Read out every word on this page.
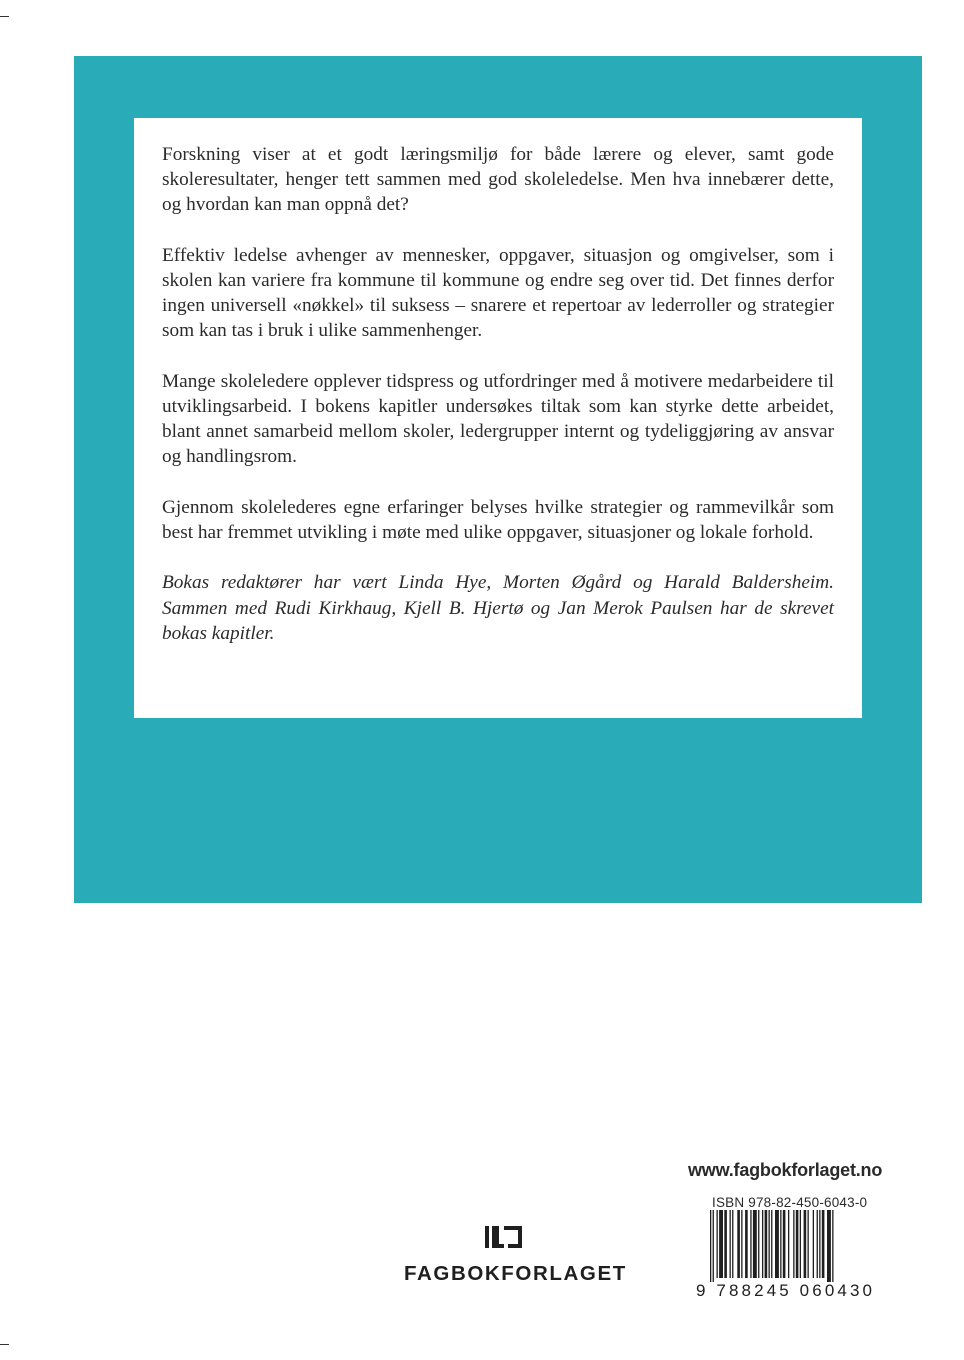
Forskning viser at et godt læringsmiljø for både lærere og elever, samt gode skoleresultater, henger tett sammen med god skoleledelse. Men hva innebærer dette, og hvordan kan man oppnå det?

Effektiv ledelse avhenger av mennesker, oppgaver, situasjon og omgivelser, som i skolen kan variere fra kommune til kommune og endre seg over tid. Det finnes derfor ingen universell «nøkkel» til suksess – snarere et repertoar av lederroller og strategier som kan tas i bruk i ulike sammenhenger.

Mange skoleledere opplever tidspress og utfordringer med å motivere medarbeidere til utviklingsarbeid. I bokens kapitler undersøkes tiltak som kan styrke dette arbeidet, blant annet samarbeid mellom skoler, ledergrupper internt og tydeliggjøring av ansvar og handlingsrom.

Gjennom skolelederes egne erfaringer belyses hvilke strategier og rammevilkår som best har fremmet utvikling i møte med ulike oppgaver, situasjoner og lokale forhold.

Bokas redaktører har vært Linda Hye, Morten Øgård og Harald Baldersheim. Sammen med Rudi Kirkhaug, Kjell B. Hjertø og Jan Merok Paulsen har de skrevet bokas kapitler.

www.fagbokforlaget.no
ISBN 978-82-450-6043-0
9 788245 060430
FAGBOKFORLAGET
